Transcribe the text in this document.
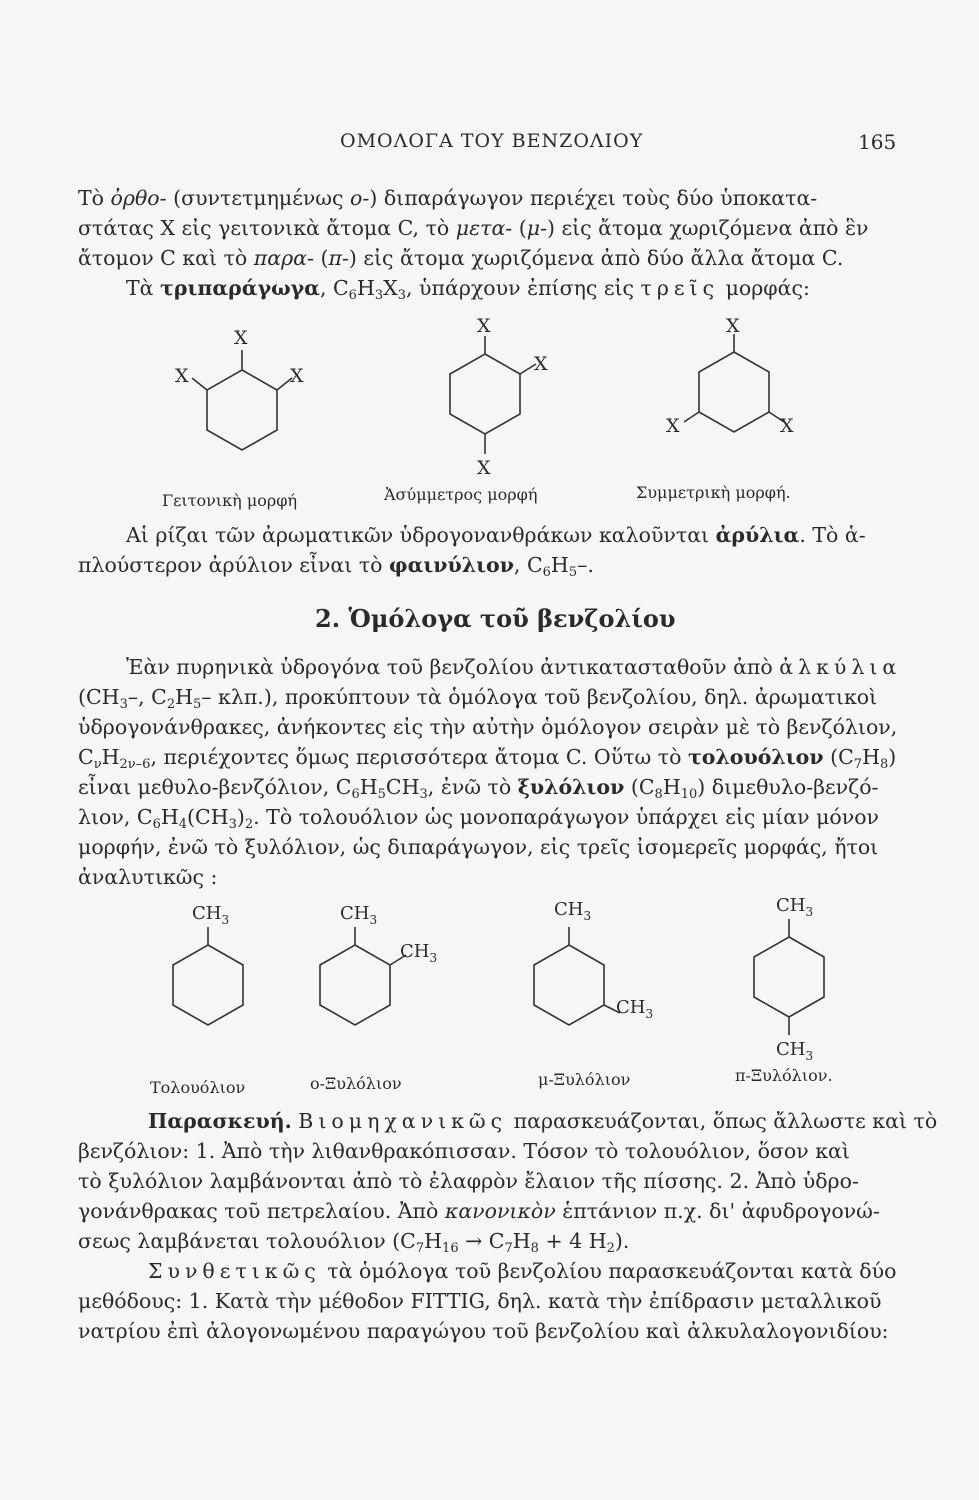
ΟΜΟΛΟΓΑ ΤΟΥ ΒΕΝΖΟΛΙΟΥ	165
Τὸ ὀρθο- (συντετμημένως ο-) διπαράγωγον περιέχει τοὺς δύο ὑποκατα-
στάτας X εἰς γειτονικὰ ἄτομα C, τὸ μετα- (μ-) εἰς ἄτομα χωριζόμενα ἀπὸ ἓν
ἄτομον C καὶ τὸ παρα- (π-) εἰς ἄτομα χωριζόμενα ἀπὸ δύο ἄλλα ἄτομα C.
Τὰ τριπαράγωγα, $C_6H_3X_3$, ὑπάρχουν ἐπίσης εἰς τρεῖς μορφάς:
X
X
X
X
X
X
X
X
X
Γειτονικὴ μορφή	Ἀσύμμετρος μορφή	Συμμετρικὴ μορφή.
Αἱ ρίζαι τῶν ἀρωματικῶν ὑδρογονανθράκων καλοῦνται ἀρύλια. Τὸ ἁ-
πλούστερον ἀρύλιον εἶναι τὸ φαινύλιον, $C_6H_5-$.
2. Ὁμόλογα τοῦ βενζολίου
Ἐὰν πυρηνικὰ ὑδρογόνα τοῦ βενζολίου ἀντικατασταθοῦν ἀπὸ ἀλκύλια
($CH_3-$, $C_2H_5-$ κλπ.), προκύπτουν τὰ ὁμόλογα τοῦ βενζολίου, δηλ. ἀρωματικοὶ
ὑδρογονάνθρακες, ἀνήκοντες εἰς τὴν αὐτὴν ὁμόλογον σειρὰν μὲ τὸ βενζόλιον,
$C_\nu H_{2\nu-6}$, περιέχοντες ὅμως περισσότερα ἄτομα C. Οὕτω τὸ τολουόλιον $(C_7H_8)$
εἶναι μεθυλο-βενζόλιον, $C_6H_5CH_3$, ἐνῶ τὸ ξυλόλιον $(C_8H_{10})$ διμεθυλο-βενζό-
λιον, $C_6H_4(CH_3)_2$. Τὸ τολουόλιον ὡς μονοπαράγωγον ὑπάρχει εἰς μίαν μόνον
μορφήν, ἐνῶ τὸ ξυλόλιον, ὡς διπαράγωγον, εἰς τρεῖς ἰσομερεῖς μορφάς, ἤτοι
ἀναλυτικῶς :
$CH_3$	$CH_3$
$CH_3$
$CH_3$
$CH_3$
$CH_3$
$CH_3$
Τολουόλιον	ο-Ξυλόλιον	μ-Ξυλόλιον	π-Ξυλόλιον.
Παρασκευή. Βιομηχανικῶς παρασκευάζονται, ὅπως ἄλλωστε καὶ τὸ
βενζόλιον: 1. Ἀπὸ τὴν λιθανθρακόπισσαν. Τόσον τὸ τολουόλιον, ὅσον καὶ
τὸ ξυλόλιον λαμβάνονται ἀπὸ τὸ ἐλαφρὸν ἔλαιον τῆς πίσσης. 2. Ἀπὸ ὑδρο-
γονάνθρακας τοῦ πετρελαίου. Ἀπὸ κανονικὸν ἑπτάνιον π.χ. δι' ἀφυδρογονώ-
σεως λαμβάνεται τολουόλιον ($C_7H_{16} \to C_7H_8 + 4$ $H_2$).
Συνθετικῶς τὰ ὁμόλογα τοῦ βενζολίου παρασκευάζονται κατὰ δύο
μεθόδους: 1. Κατὰ τὴν μέθοδον FITTIG, δηλ. κατὰ τὴν ἐπίδρασιν μεταλλικοῦ
νατρίου ἐπὶ ἀλογονωμένου παραγώγου τοῦ βενζολίου καὶ ἀλκυλαλογονιδίου:
